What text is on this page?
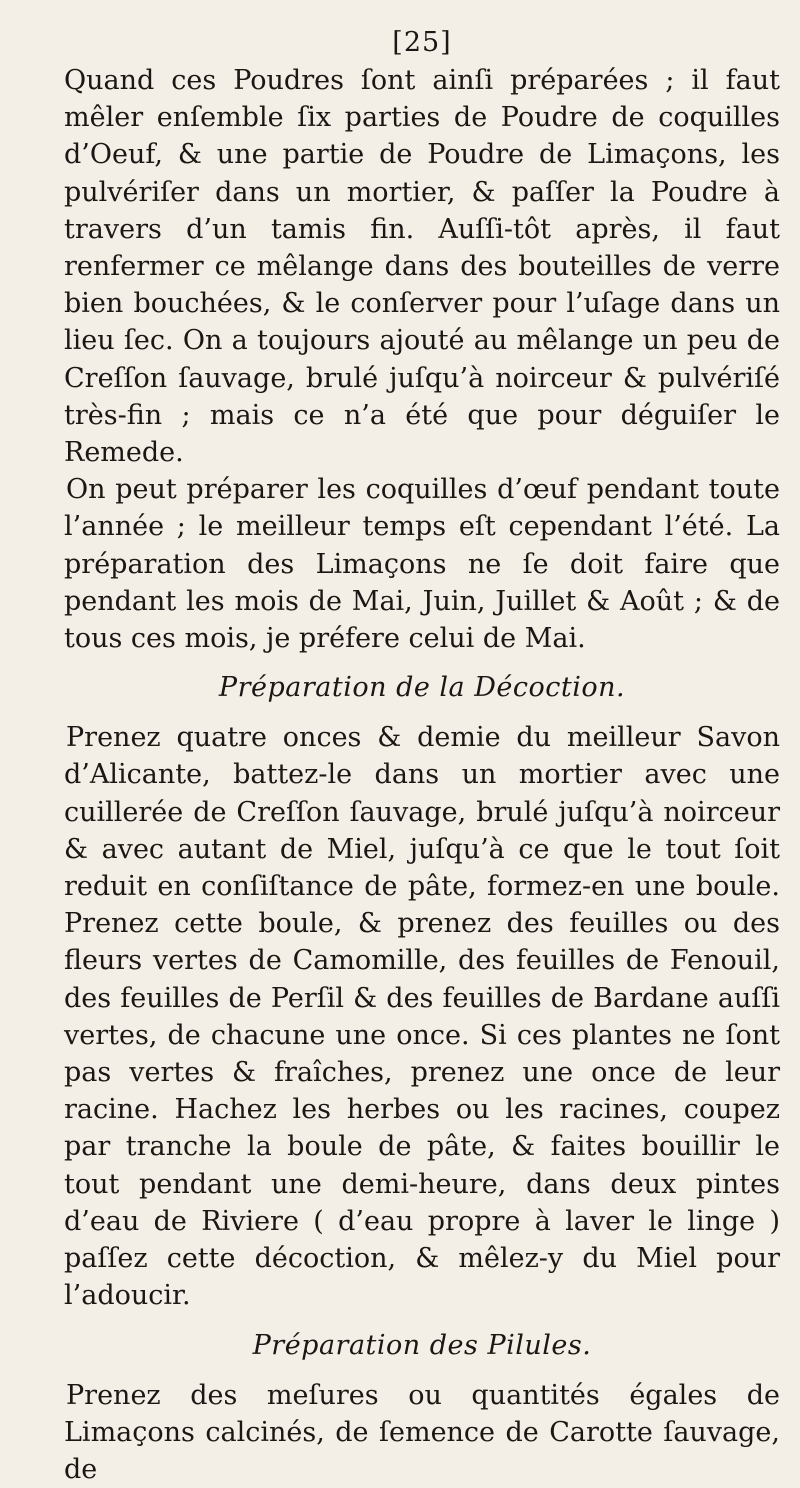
[25]

Quand ces Poudres ſont ainſi préparées ; il faut mêler enſemble ſix parties de Poudre de coquilles d’Oeuf, & une partie de Poudre de Limaçons, les pulvériſer dans un mortier, & paſſer la Poudre à travers d’un tamis fin. Auſſi-tôt après, il faut renfermer ce mêlange dans des bouteilles de verre bien bouchées, & le conſerver pour l’uſage dans un lieu ſec. On a toujours ajouté au mêlange un peu de Creſſon ſauvage, brulé juſqu’à noirceur & pulvériſé très-fin ; mais ce n’a été que pour déguiſer le Remede.

On peut préparer les coquilles d’œuf pendant toute l’année ; le meilleur temps eſt cependant l’été. La préparation des Limaçons ne ſe doit faire que pendant les mois de Mai, Juin, Juillet & Août ; & de tous ces mois, je préfere celui de Mai.

Préparation de la Décoction.

Prenez quatre onces & demie du meilleur Savon d’Alicante, battez-le dans un mortier avec une cuillerée de Creſſon ſauvage, brulé juſqu’à noirceur & avec autant de Miel, juſqu’à ce que le tout ſoit reduit en conſiſtance de pâte, formez-en une boule. Prenez cette boule, & prenez des feuilles ou des fleurs vertes de Camomille, des feuilles de Fenouil, des feuilles de Perſil & des feuilles de Bardane auſſi vertes, de chacune une once. Si ces plantes ne ſont pas vertes & fraîches, prenez une once de leur racine. Hachez les herbes ou les racines, coupez par tranche la boule de pâte, & faites bouillir le tout pendant une demi-heure, dans deux pintes d’eau de Riviere ( d’eau propre à laver le linge ) paſſez cette décoction, & mêlez-y du Miel pour l’adoucir.

Préparation des Pilules.

Prenez des meſures ou quantités égales de Limaçons calcinés, de ſemence de Carotte ſauvage, de
